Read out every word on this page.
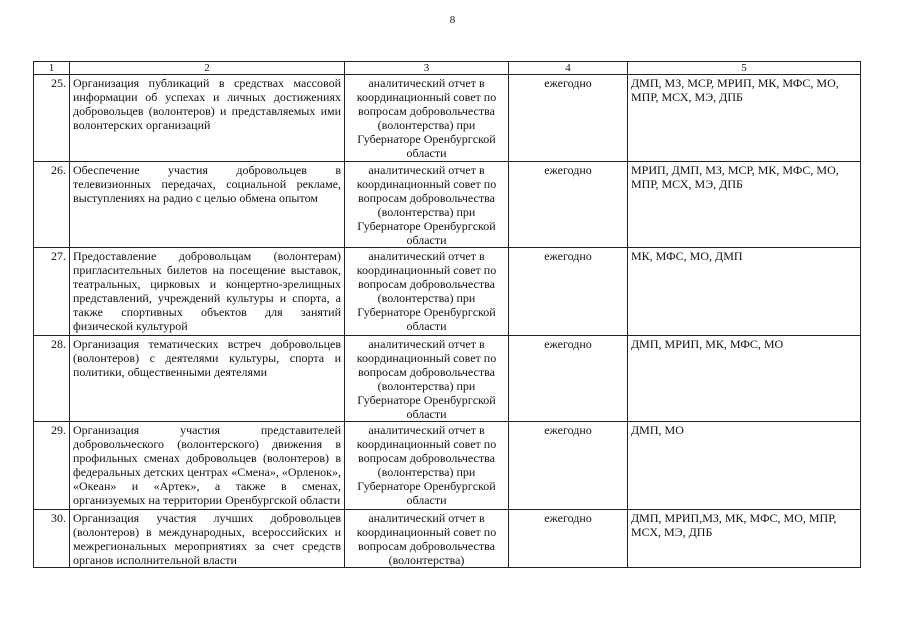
8
1	2	3	4	5
25.	Организация публикаций в средствах массовой информации об успехах и личных достижениях добровольцев (волонтеров) и представляемых ими волонтерских организаций	аналитический отчет в координационный совет по вопросам добровольчества (волонтерства) при Губернаторе Оренбургской области	ежегодно	ДМП, МЗ, МСР, МРИП, МК, МФС, МО, МПР, МСХ, МЭ, ДПБ
26.	Обеспечение участия добровольцев в телевизионных передачах, социальной рекламе, выступлениях на радио с целью обмена опытом	аналитический отчет в координационный совет по вопросам добровольчества (волонтерства) при Губернаторе Оренбургской области	ежегодно	МРИП, ДМП, МЗ, МСР, МК, МФС, МО, МПР, МСХ, МЭ, ДПБ
27.	Предоставление добровольцам (волонтерам) пригласительных билетов на посещение выставок, театральных, цирковых и концертно-зрелищных представлений, учреждений культуры и спорта, а также спортивных объектов для занятий физической культурой	аналитический отчет в координационный совет по вопросам добровольчества (волонтерства) при Губернаторе Оренбургской области	ежегодно	МК, МФС, МО, ДМП
28.	Организация тематических встреч добровольцев (волонтеров) с деятелями культуры, спорта и политики, общественными деятелями	аналитический отчет в координационный совет по вопросам добровольчества (волонтерства) при Губернаторе Оренбургской области	ежегодно	ДМП, МРИП, МК, МФС, МО
29.	Организация участия представителей добровольческого (волонтерского) движения в профильных сменах добровольцев (волонтеров) в федеральных детских центрах «Смена», «Орленок», «Океан» и «Артек», а также в сменах, организуемых на территории Оренбургской области	аналитический отчет в координационный совет по вопросам добровольчества (волонтерства) при Губернаторе Оренбургской области	ежегодно	ДМП, МО
30.	Организация участия лучших добровольцев (волонтеров) в международных, всероссийских и межрегиональных мероприятиях за счет средств органов исполнительной власти	аналитический отчет в координационный совет по вопросам добровольчества (волонтерства)	ежегодно	ДМП, МРИП,МЗ, МК, МФС, МО, МПР, МСХ, МЭ, ДПБ
